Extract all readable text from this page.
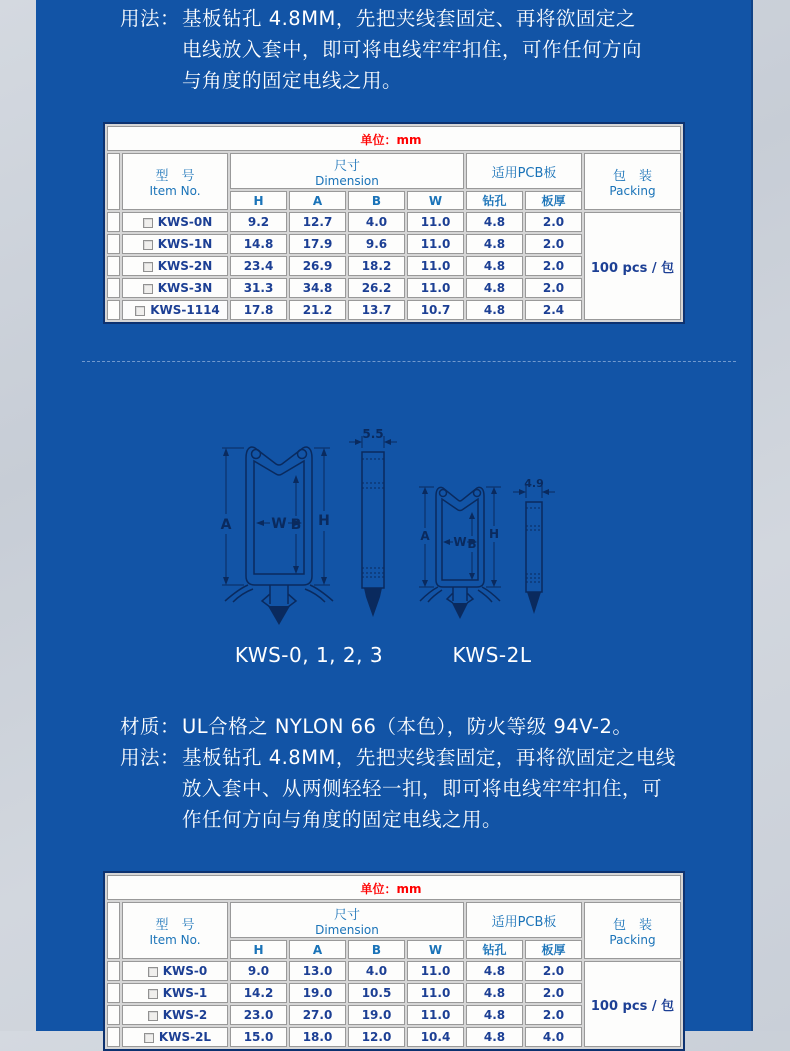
用法： 基板钻孔 4.8MM，先把夹线套固定、再将欲固定之
电线放入套中，即可将电线牢牢扣住，可作任何方向
与角度的固定电线之用。
单位：mm								

型　号
Item No.

尺寸
Dimension	适用PCB板	包　装
Packing

		H	A	B	W	钻孔	板厚	
	KWS-0N	9.2	12.7	4.0	11.0	4.8	2.0	100 pcs / 包
	KWS-1N	14.8	17.9	9.6	11.0	4.8	2.0	
	KWS-2N	23.4	26.9	18.2	11.0	4.8	2.0	
	KWS-3N	31.3	34.8	26.2	11.0	4.8	2.0	
	KWS-1114	17.8	21.2	13.7	10.7	4.8	2.4	
A	W B H
5.5
A W B
H
4.9
KWS-0, 1, 2, 3	KWS-2L
材质： UL合格之 NYLON 66（本色），防火等级 94V-2。
用法： 基板钻孔 4.8MM，先把夹线套固定，再将欲固定之电线
放入套中、从两侧轻轻一扣，即可将电线牢牢扣住，可
作任何方向与角度的固定电线之用。
单位：mm								

型　号
Item No.

尺寸
Dimension	适用PCB板	包　装
Packing

		H	A	B	W	钻孔	板厚	
	KWS-0	9.0	13.0	4.0	11.0	4.8	2.0	100 pcs / 包
	KWS-1	14.2	19.0	10.5	11.0	4.8	2.0	
	KWS-2	23.0	27.0	19.0	11.0	4.8	2.0	
	KWS-2L	15.0	18.0	12.0	10.4	4.8	4.0	
